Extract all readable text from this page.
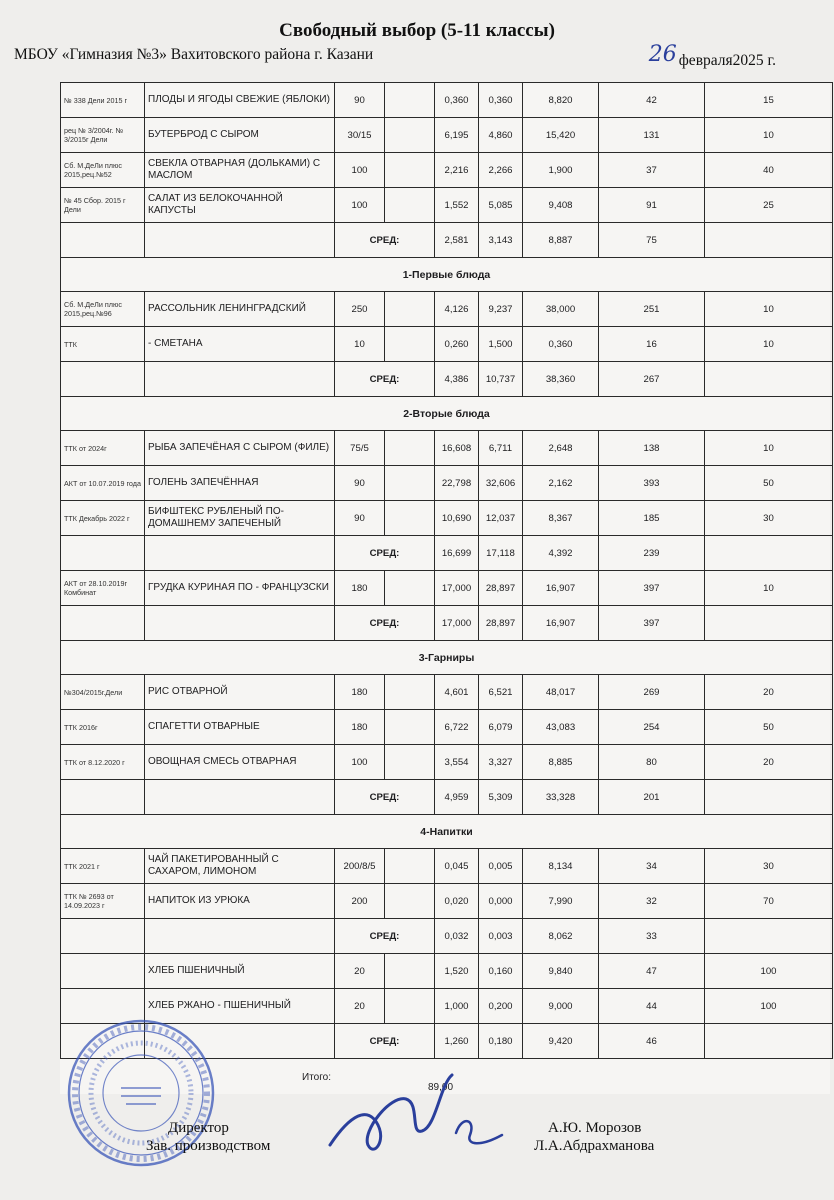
Свободный выбор (5-11 классы)
МБОУ «Гимназия №3» Вахитовского района г. Казани	26 февраля2025 г.
№ 338 Дели 2015 г	ПЛОДЫ И ЯГОДЫ СВЕЖИЕ (ЯБЛОКИ)	90		0,360	0,360	8,820	42	15
рец № 3/2004г. № 3/2015г Дели	БУТЕРБРОД С СЫРОМ	30/15		6,195	4,860	15,420	131	10
Сб. М.ДеЛи плюс 2015,рец.№52	СВЕКЛА ОТВАРНАЯ (ДОЛЬКАМИ) С МАСЛОМ	100		2,216	2,266	1,900	37	40
№ 45 Сбор. 2015 г Дели	САЛАТ ИЗ БЕЛОКОЧАННОЙ КАПУСТЫ	100		1,552	5,085	9,408	91	25
		СРЕД:		2,581	3,143	8,887	75	
1-Первые блюда								
Сб. М.ДеЛи плюс 2015,рец.№96	РАССОЛЬНИК ЛЕНИНГРАДСКИЙ	250		4,126	9,237	38,000	251	10
ТТК	- СМЕТАНА	10		0,260	1,500	0,360	16	10
		СРЕД:		4,386	10,737	38,360	267	
2-Вторые блюда								
ТТК от 2024г	РЫБА ЗАПЕЧЁНАЯ С СЫРОМ (ФИЛЕ)	75/5		16,608	6,711	2,648	138	10
АКТ от 10.07.2019 года	ГОЛЕНЬ ЗАПЕЧЁННАЯ	90		22,798	32,606	2,162	393	50
ТТК Декабрь 2022 г	БИФШТЕКС РУБЛЕНЫЙ ПО-ДОМАШНЕМУ ЗАПЕЧЕНЫЙ	90		10,690	12,037	8,367	185	30
		СРЕД:		16,699	17,118	4,392	239	
АКТ от 28.10.2019г Комбинат	ГРУДКА КУРИНАЯ ПО - ФРАНЦУЗСКИ	180		17,000	28,897	16,907	397	10
		СРЕД:		17,000	28,897	16,907	397	
3-Гарниры								
№304/2015г.Дели	РИС ОТВАРНОЙ	180		4,601	6,521	48,017	269	20
ТТК 2016г	СПАГЕТТИ ОТВАРНЫЕ	180		6,722	6,079	43,083	254	50
ТТК от 8.12.2020 г	ОВОЩНАЯ СМЕСЬ ОТВАРНАЯ	100		3,554	3,327	8,885	80	20
		СРЕД:		4,959	5,309	33,328	201	
4-Напитки								
ТТК 2021 г	ЧАЙ ПАКЕТИРОВАННЫЙ С САХАРОМ, ЛИМОНОМ	200/8/5		0,045	0,005	8,134	34	30
ТТК № 2693 от 14.09.2023 г	НАПИТОК ИЗ УРЮКА	200		0,020	0,000	7,990	32	70
		СРЕД:		0,032	0,003	8,062	33	
	ХЛЕБ ПШЕНИЧНЫЙ	20		1,520	0,160	9,840	47	100
	ХЛЕБ РЖАНО - ПШЕНИЧНЫЙ	20		1,000	0,200	9,000	44	100
		СРЕД:		1,260	0,180	9,420	46	
Итого:
89,00
Директор
Зав. производством
А.Ю. Морозов
Л.А.Абдрахманова
